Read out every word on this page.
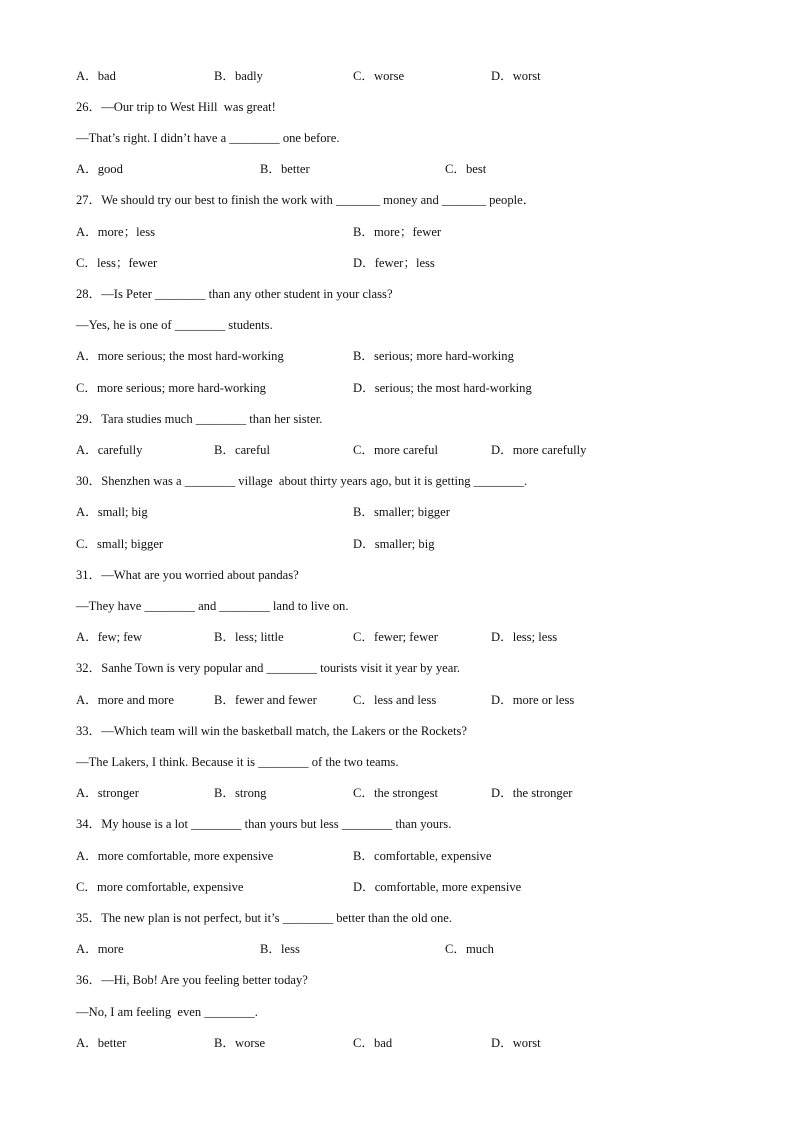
A．bad	B．badly	C．worse	D．worst
26．—Our trip to West Hill  was great!
—That’s right. I didn’t have a ________ one before.
A．good	B．better	C．best
27．We should try our best to finish the work with _______ money and _______ people．
A．more；less	B．more；fewer
C．less；fewer	D．fewer；less
28．—Is Peter ________ than any other student in your class?
—Yes, he is one of ________ students.
A．more serious; the most hard-working	B．serious; more hard-working
C．more serious; more hard-working	D．serious; the most hard-working
29．Tara studies much ________ than her sister.
A．carefully	B．careful	C．more careful	D．more carefully
30．Shenzhen was a ________ village  about thirty years ago, but it is getting ________.
A．small; big	B．smaller; bigger
C．small; bigger	D．smaller; big
31．—What are you worried about pandas?
—They have ________ and ________ land to live on.
A．few; few	B．less; little	C．fewer; fewer	D．less; less
32．Sanhe Town is very popular and ________ tourists visit it year by year.
A．more and more	B．fewer and fewer	C．less and less	D．more or less
33．—Which team will win the basketball match, the Lakers or the Rockets?
—The Lakers, I think. Because it is ________ of the two teams.
A．stronger	B．strong	C．the strongest	D．the stronger
34．My house is a lot ________ than yours but less ________ than yours.
A．more comfortable, more expensive	B．comfortable, expensive
C．more comfortable, expensive	D．comfortable, more expensive
35．The new plan is not perfect, but it’s ________ better than the old one.
A．more	B．less	C．much
36．—Hi, Bob! Are you feeling better today?
—No, I am feeling  even ________.
A．better	B．worse	C．bad	D．worst
